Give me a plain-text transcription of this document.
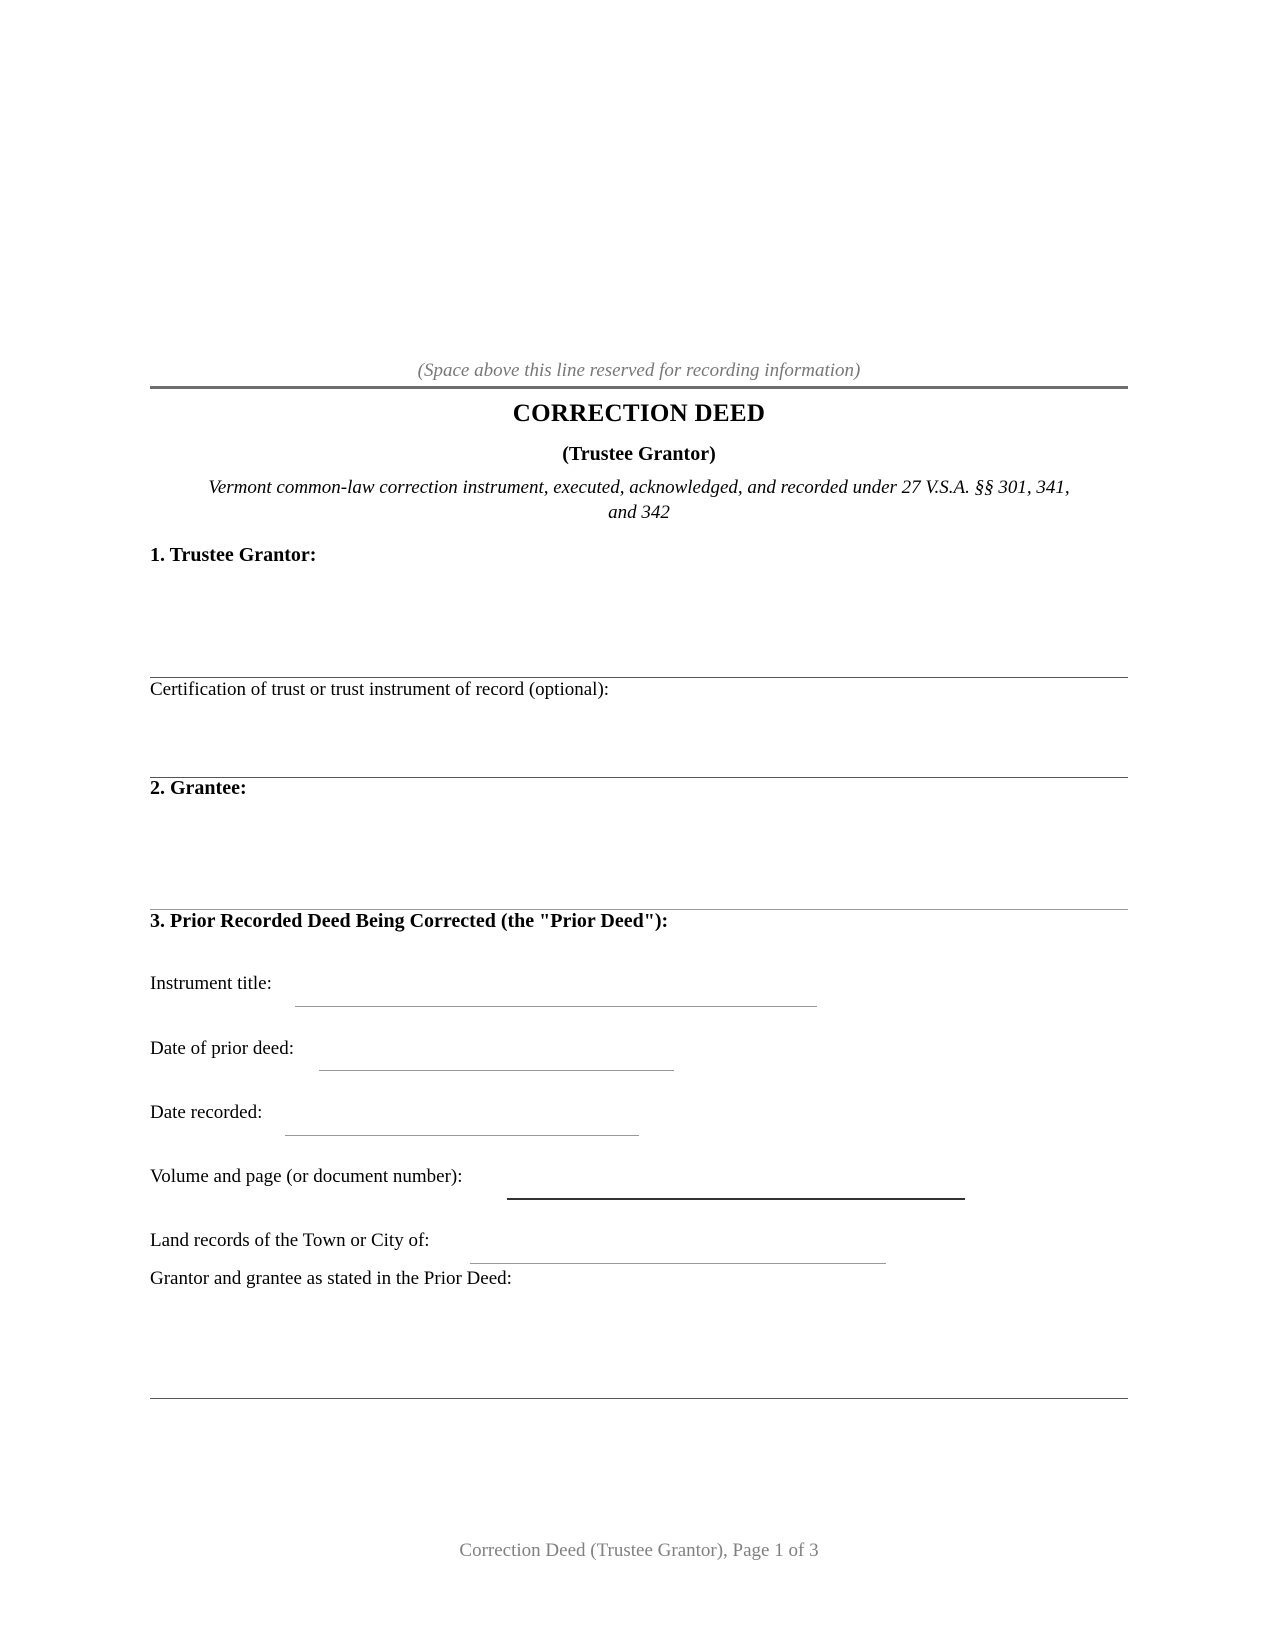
(Space above this line reserved for recording information)
CORRECTION DEED
(Trustee Grantor)
Vermont common-law correction instrument, executed, acknowledged, and recorded under 27 V.S.A. §§ 301, 341,
and 342
1. Trustee Grantor:
Certification of trust or trust instrument of record (optional):
2. Grantee:
3. Prior Recorded Deed Being Corrected (the "Prior Deed"):
Instrument title:
Date of prior deed:
Date recorded:
Volume and page (or document number):
Land records of the Town or City of:
Grantor and grantee as stated in the Prior Deed:
Correction Deed (Trustee Grantor), Page 1 of 3
